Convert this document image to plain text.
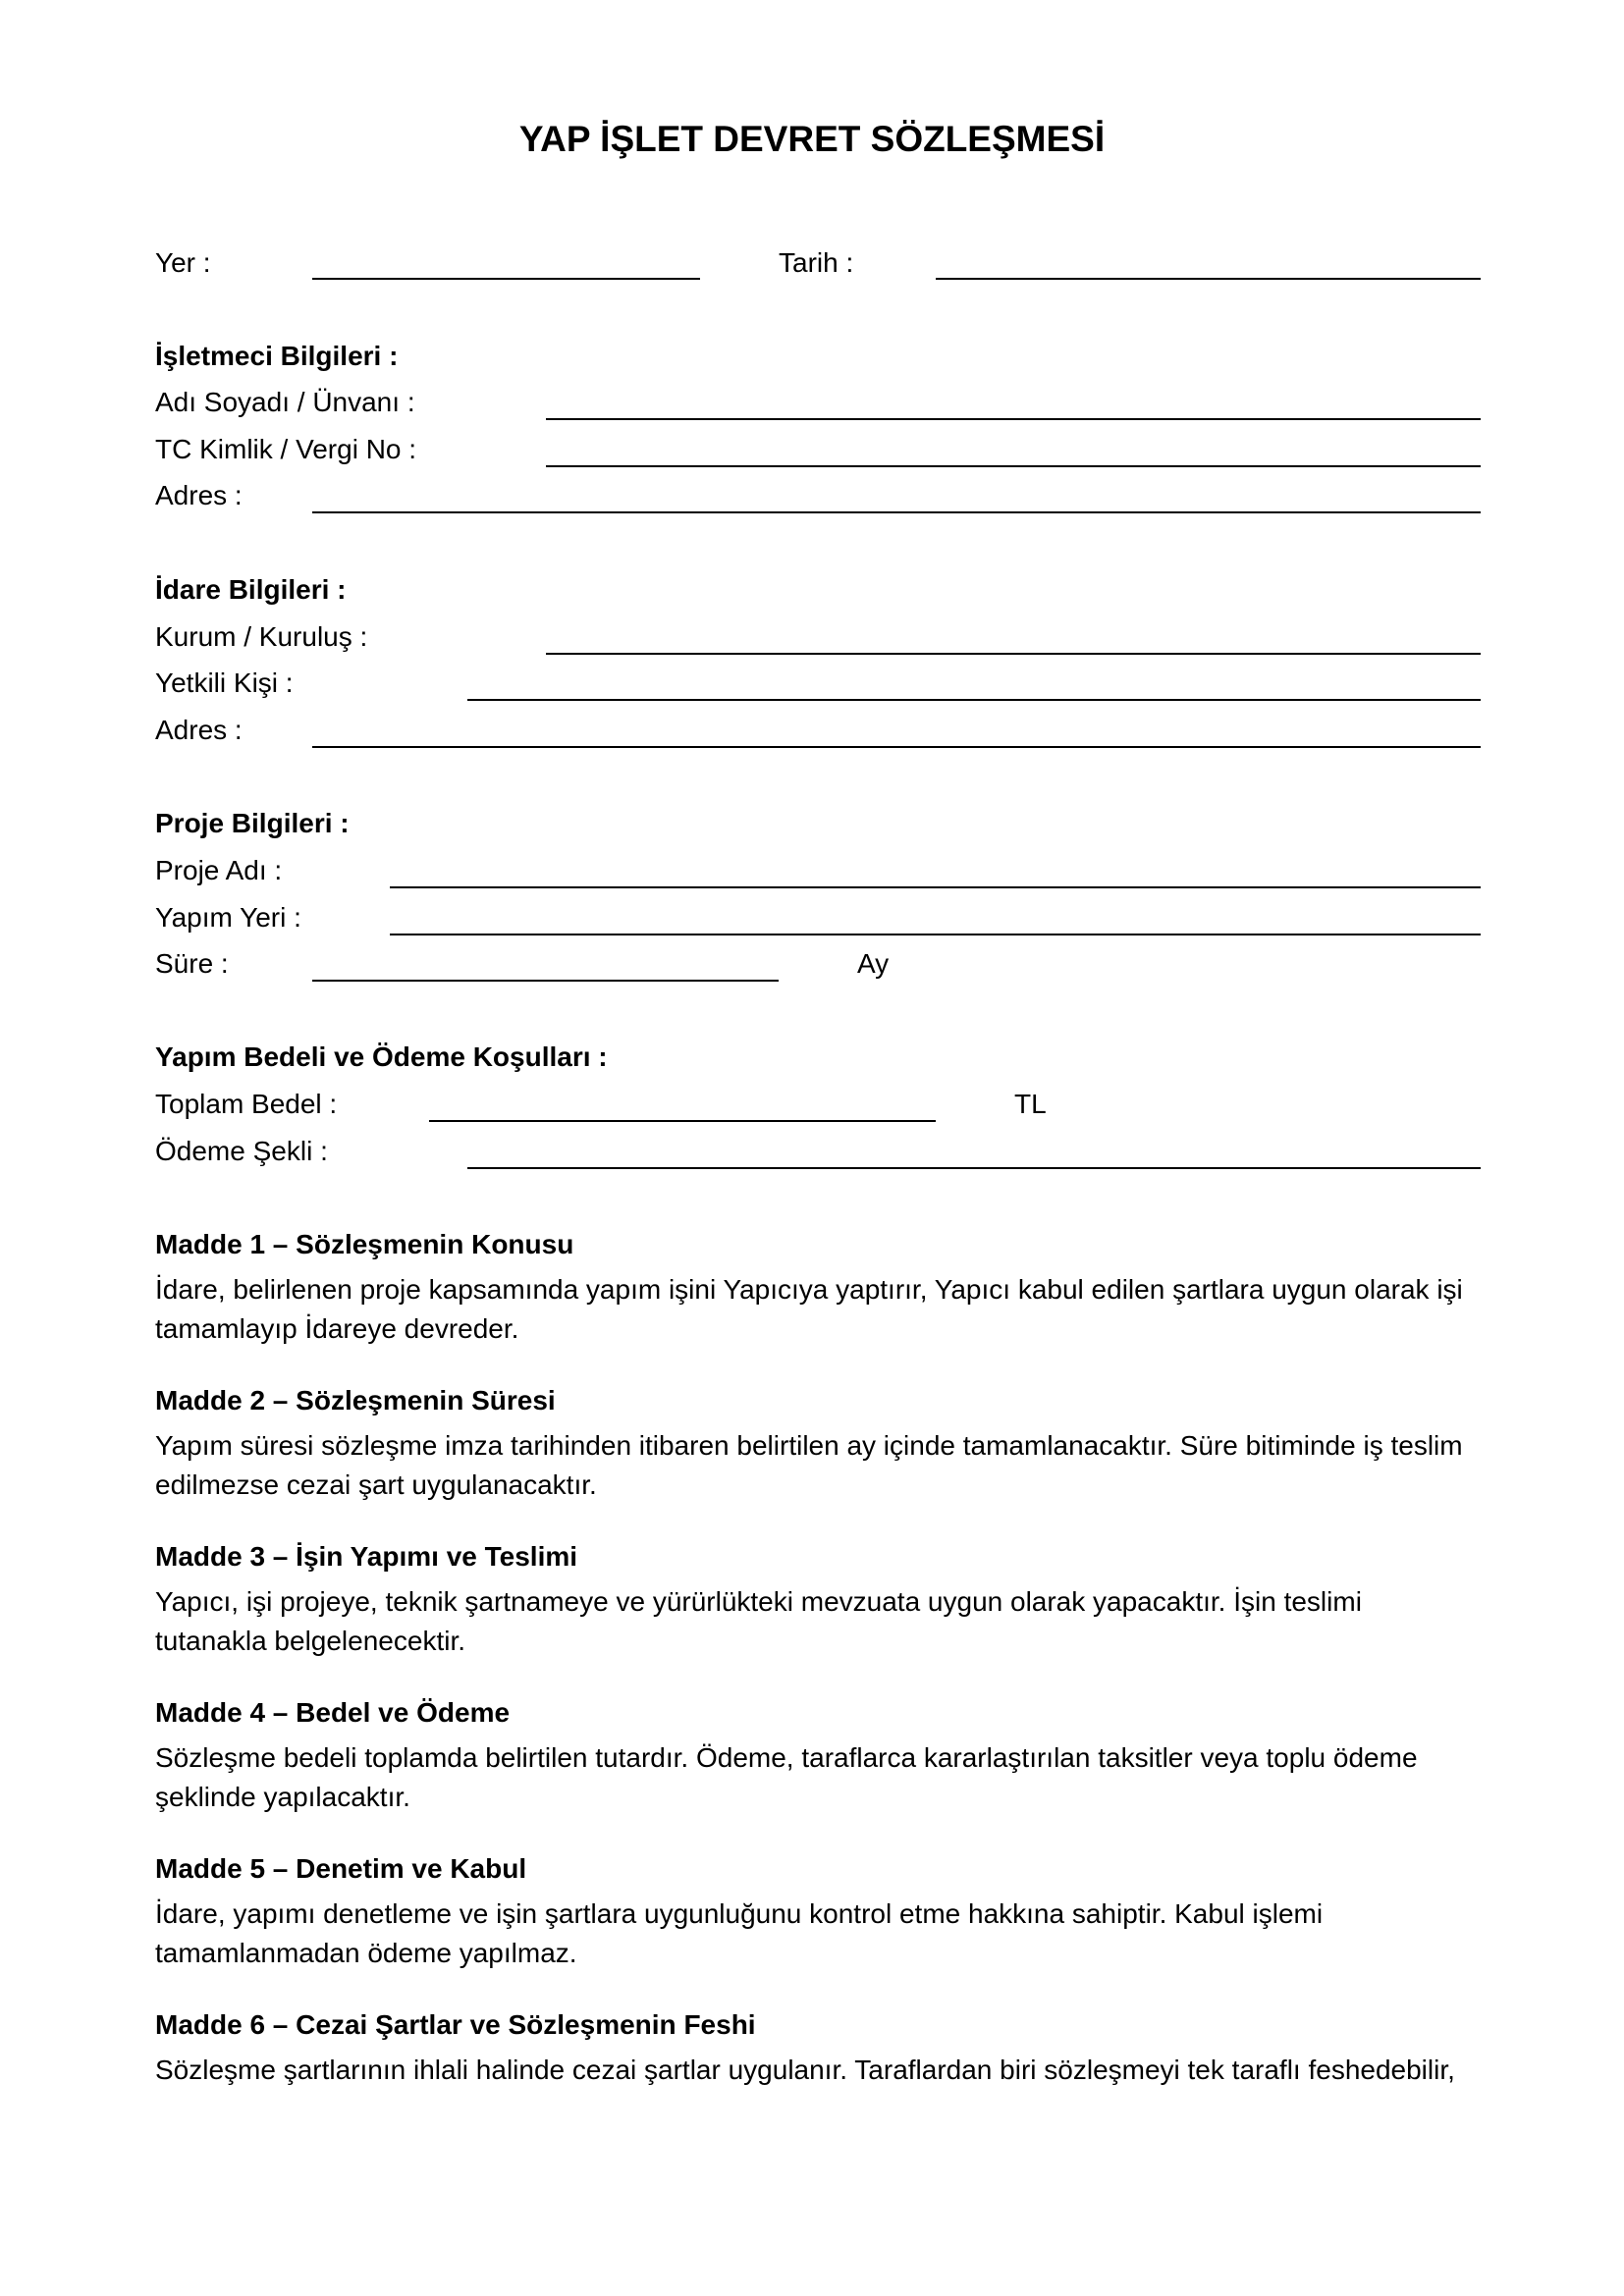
YAP İŞLET DEVRET SÖZLEŞMESİ
Yer :	Tarih :
İşletmeci Bilgileri :
Adı Soyadı / Ünvanı :
TC Kimlik / Vergi No :
Adres :
İdare Bilgileri :
Kurum / Kuruluş :
Yetkili Kişi :
Adres :
Proje Bilgileri :
Proje Adı :
Yapım Yeri :
Süre :	Ay
Yapım Bedeli ve Ödeme Koşulları :
Toplam Bedel :	TL
Ödeme Şekli :
Madde 1 – Sözleşmenin Konusu
İdare, belirlenen proje kapsamında yapım işini Yapıcıya yaptırır, Yapıcı kabul edilen şartlara uygun olarak işi tamamlayıp İdareye devreder.
Madde 2 – Sözleşmenin Süresi
Yapım süresi sözleşme imza tarihinden itibaren belirtilen ay içinde tamamlanacaktır. Süre bitiminde iş teslim edilmezse cezai şart uygulanacaktır.
Madde 3 – İşin Yapımı ve Teslimi
Yapıcı, işi projeye, teknik şartnameye ve yürürlükteki mevzuata uygun olarak yapacaktır. İşin teslimi tutanakla belgelenecektir.
Madde 4 – Bedel ve Ödeme
Sözleşme bedeli toplamda belirtilen tutardır. Ödeme, taraflarca kararlaştırılan taksitler veya toplu ödeme şeklinde yapılacaktır.
Madde 5 – Denetim ve Kabul
İdare, yapımı denetleme ve işin şartlara uygunluğunu kontrol etme hakkına sahiptir. Kabul işlemi tamamlanmadan ödeme yapılmaz.
Madde 6 – Cezai Şartlar ve Sözleşmenin Feshi
Sözleşme şartlarının ihlali halinde cezai şartlar uygulanır. Taraflardan biri sözleşmeyi tek taraflı feshedebilir,
